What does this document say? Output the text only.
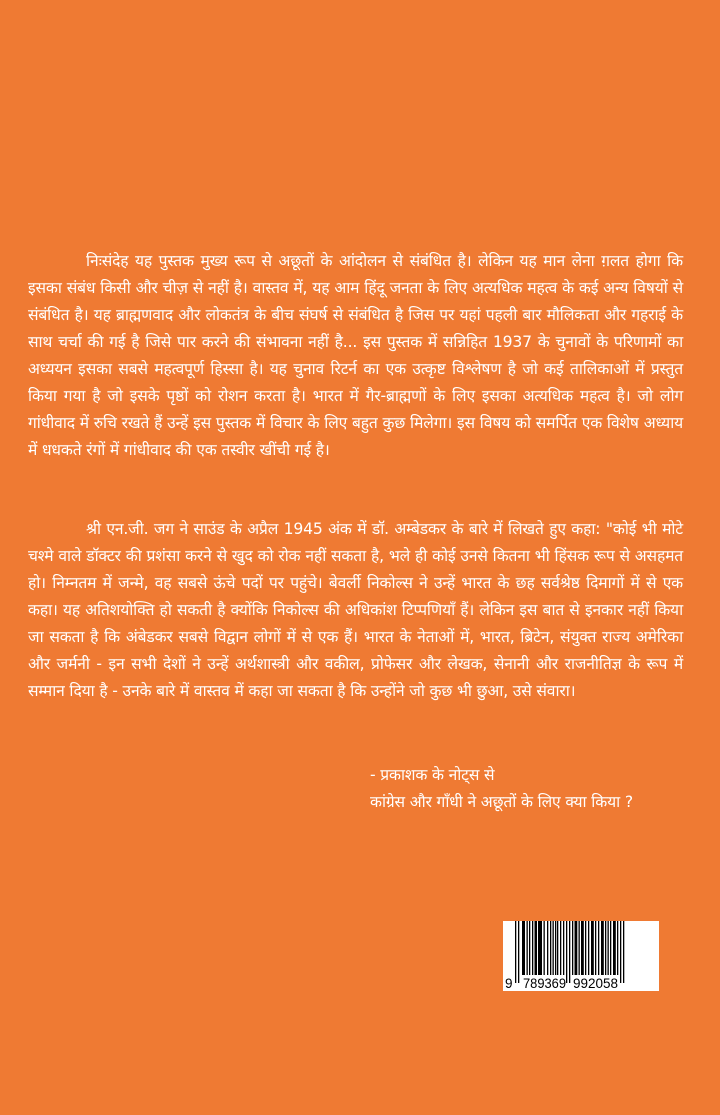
निःसंदेह यह पुस्तक मुख्य रूप से अछूतों के आंदोलन से संबंधित है। लेकिन यह मान लेना ग़लत होगा कि इसका संबंध किसी और चीज़ से नहीं है। वास्तव में, यह आम हिंदू जनता के लिए अत्यधिक महत्व के कई अन्य विषयों से संबंधित है। यह ब्राह्मणवाद और लोकतंत्र के बीच संघर्ष से संबंधित है जिस पर यहां पहली बार मौलिकता और गहराई के साथ चर्चा की गई है जिसे पार करने की संभावना नहीं है... इस पुस्तक में सन्निहित 1937 के चुनावों के परिणामों का अध्ययन इसका सबसे महत्वपूर्ण हिस्सा है। यह चुनाव रिटर्न का एक उत्कृष्ट विश्लेषण है जो कई तालिकाओं में प्रस्तुत किया गया है जो इसके पृष्ठों को रोशन करता है। भारत में गैर-ब्राह्मणों के लिए इसका अत्यधिक महत्व है। जो लोग गांधीवाद में रुचि रखते हैं उन्हें इस पुस्तक में विचार के लिए बहुत कुछ मिलेगा। इस विषय को समर्पित एक विशेष अध्याय में धधकते रंगों में गांधीवाद की एक तस्वीर खींची गई है।

श्री एन.जी. जग ने साउंड के अप्रैल 1945 अंक में डॉ. अम्बेडकर के बारे में लिखते हुए कहा: "कोई भी मोटे चश्मे वाले डॉक्टर की प्रशंसा करने से खुद को रोक नहीं सकता है, भले ही कोई उनसे कितना भी हिंसक रूप से असहमत हो। निम्नतम में जन्मे, वह सबसे ऊंचे पदों पर पहुंचे। बेवर्ली निकोल्स ने उन्हें भारत के छह सर्वश्रेष्ठ दिमागों में से एक कहा। यह अतिशयोक्ति हो सकती है क्योंकि निकोल्स की अधिकांश टिप्पणियाँ हैं। लेकिन इस बात से इनकार नहीं किया जा सकता है कि अंबेडकर सबसे विद्वान लोगों में से एक हैं। भारत के नेताओं में, भारत, ब्रिटेन, संयुक्त राज्य अमेरिका और जर्मनी - इन सभी देशों ने उन्हें अर्थशास्त्री और वकील, प्रोफेसर और लेखक, सेनानी और राजनीतिज्ञ के रूप में सम्मान दिया है - उनके बारे में वास्तव में कहा जा सकता है कि उन्होंने जो कुछ भी छुआ, उसे संवारा।

- प्रकाशक के नोट्स से
कांग्रेस और गाँधी ने अछूतों के लिए क्या किया ?
9 789369 992058
